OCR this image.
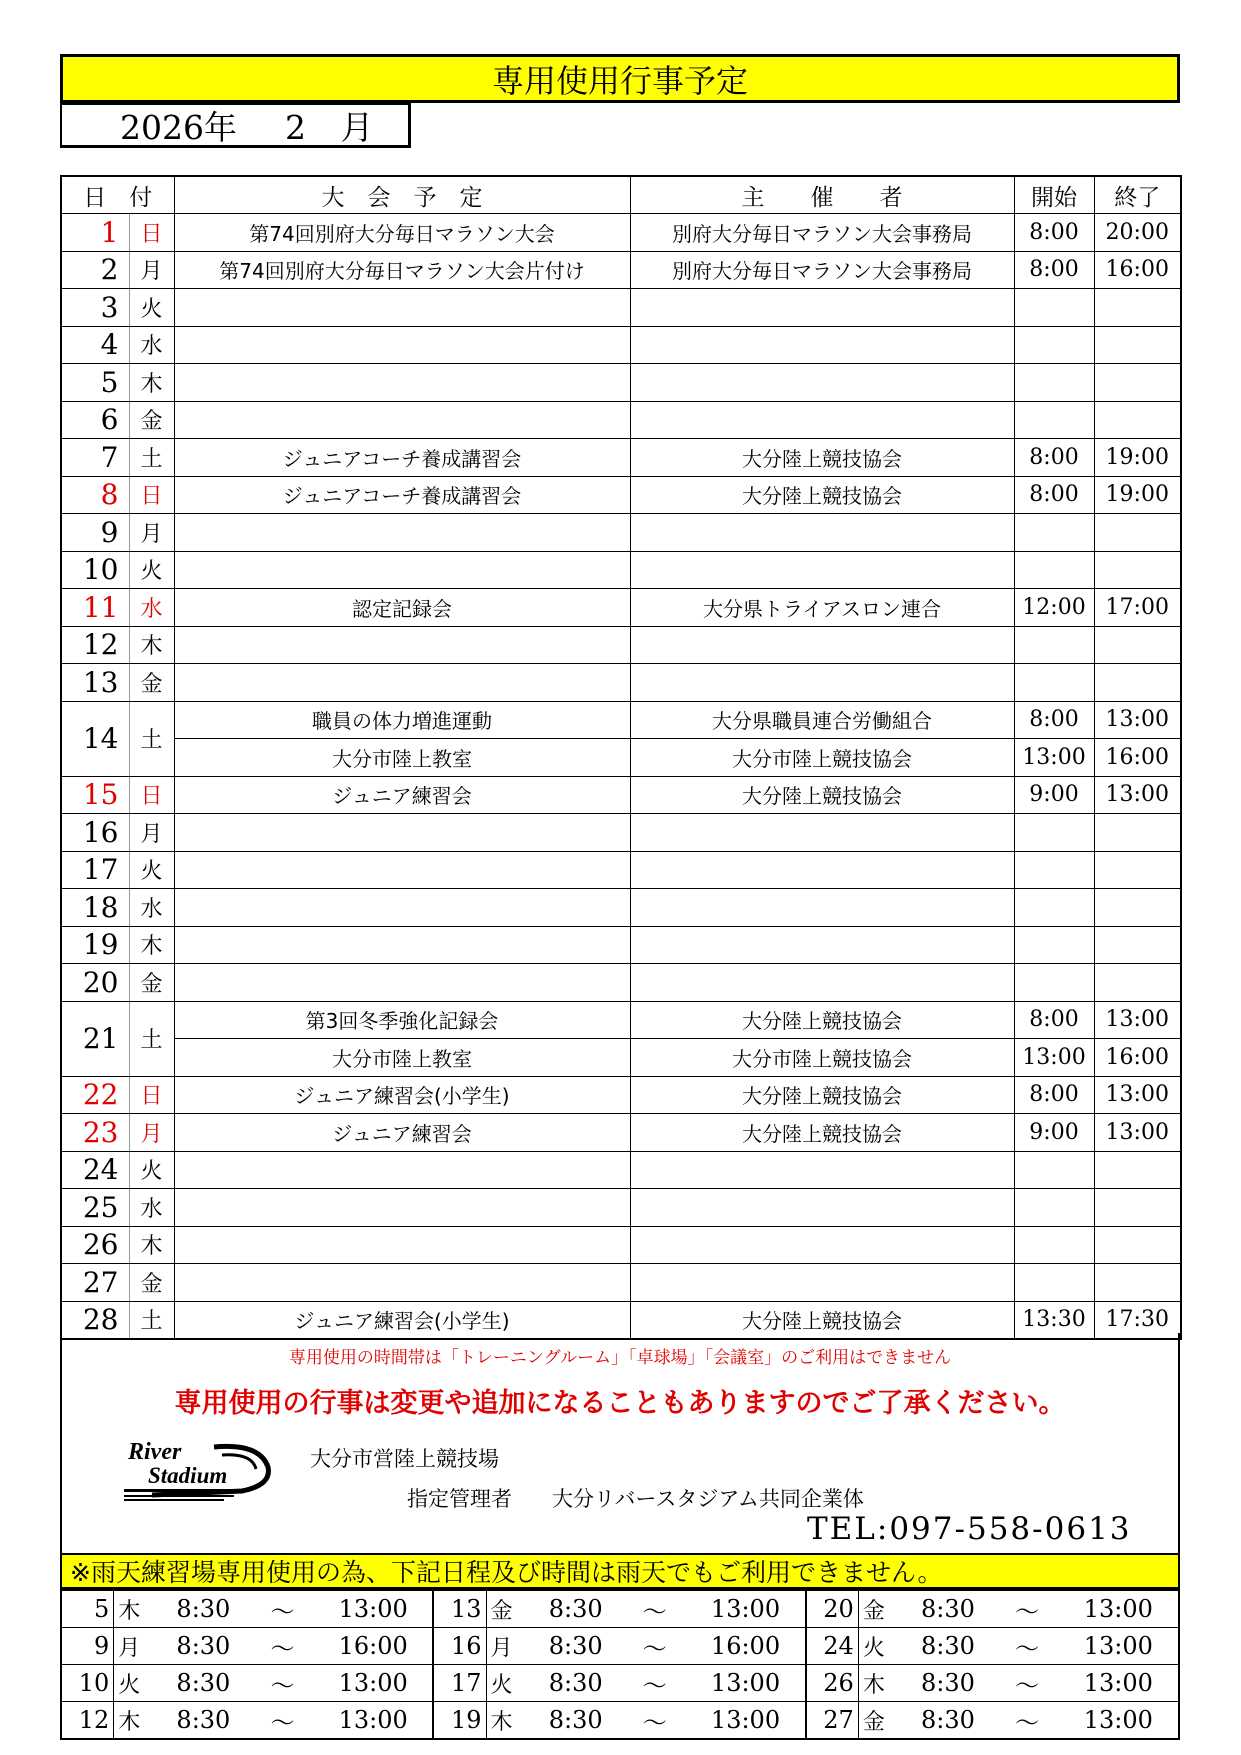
専用使用行事予定
2026年 2 月
日　付		大　会　予　定	主　　催　　者	開始	終了
1	日	第74回別府大分毎日マラソン大会	別府大分毎日マラソン大会事務局	8:00	20:00
2	月	第74回別府大分毎日マラソン大会片付け	別府大分毎日マラソン大会事務局	8:00	16:00
3	火				
4	水				
5	木				
6	金				
7	土	ジュニアコーチ養成講習会	大分陸上競技協会	8:00	19:00
8	日	ジュニアコーチ養成講習会	大分陸上競技協会	8:00	19:00
9	月				
10	火				
11	水	認定記録会	大分県トライアスロン連合	12:00	17:00
12	木				
13	金				
14	土	職員の体力増進運動	大分県職員連合労働組合	8:00	13:00
		大分市陸上教室	大分市陸上競技協会	13:00	16:00
15	日	ジュニア練習会	大分陸上競技協会	9:00	13:00
16	月				
17	火				
18	水				
19	木				
20	金				
21	土	第3回冬季強化記録会	大分陸上競技協会	8:00	13:00
		大分市陸上教室	大分市陸上競技協会	13:00	16:00
22	日	ジュニア練習会(小学生)	大分陸上競技協会	8:00	13:00
23	月	ジュニア練習会	大分陸上競技協会	9:00	13:00
24	火				
25	水				
26	木				
27	金				
28	土	ジュニア練習会(小学生)	大分陸上競技協会	13:30	17:30
専用使用の時間帯は「トレーニングルーム」「卓球場」「会議室」のご利用はできません
専用使用の行事は変更や追加になることもありますのでご了承ください。
River
Stadium
大分市営陸上競技場
指定管理者 大分リバースタジアム共同企業体
TEL:097-558-0613
※雨天練習場専用使用の為、下記日程及び時間は雨天でもご利用できません。
5	木	8:30	～	13:00	13	金	8:30	～	13:00	20	金	8:30	～	13:00
9	月	8:30	～	16:00	16	月	8:30	～	16:00	24	火	8:30	～	13:00
10	火	8:30	～	13:00	17	火	8:30	～	13:00	26	木	8:30	～	13:00
12	木	8:30	～	13:00	19	木	8:30	～	13:00	27	金	8:30	～	13:00
